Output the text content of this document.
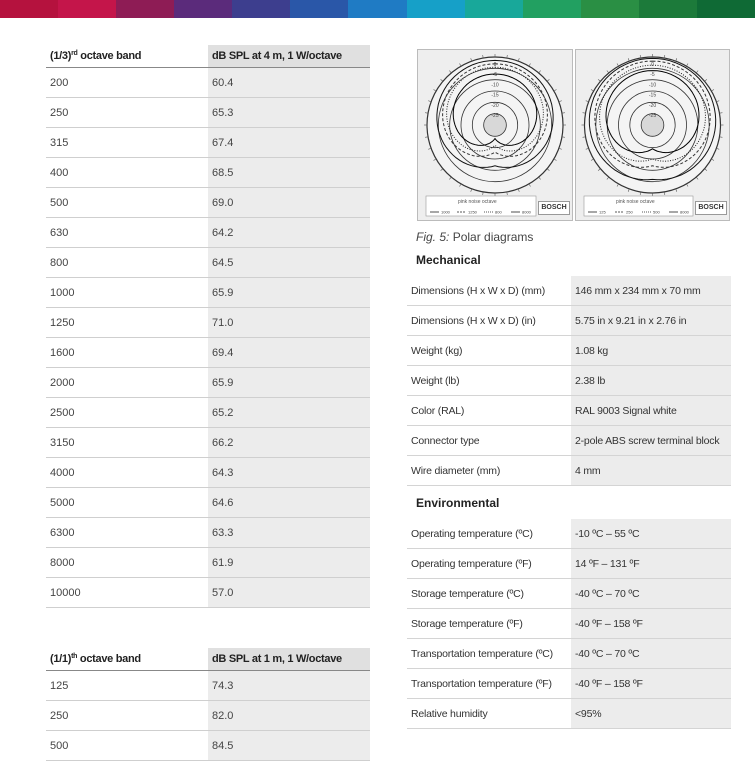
$(1/3)^{rd}$ octave band	dB SPL at 4 m, 1 W/octave
200	60.4
250	65.3
315	67.4
400	68.5
500	69.0
630	64.2
800	64.5
1000	65.9
1250	71.0
1600	69.4
2000	65.9
2500	65.2
3150	66.2
4000	64.3
5000	64.6
6300	63.3
8000	61.9
10000	57.0
$(1/1)^{th}$ octave band	dB SPL at 1 m, 1 W/octave
125	74.3
250	82.0
500	84.5
0
-5
-10
-15
-20
-25
1000	1250	800	8000
pink noise octave
BOSCH
0
-5
-10
-15
-20
-25
125	250	500	8000
pink noise octave
BOSCH
Fig. 5: Polar diagrams
Mechanical
Dimensions (H x W x D) (mm)	146 mm x 234 mm x 70 mm
Dimensions (H x W x D) (in)	5.75 in x 9.21 in x 2.76 in
Weight (kg)	1.08 kg
Weight (lb)	2.38 lb
Color (RAL)	RAL 9003 Signal white
Connector type	2-pole ABS screw terminal block
Wire diameter (mm)	4 mm
Environmental
Operating temperature (ºC)	-10 ºC – 55 ºC
Operating temperature (ºF)	14 ºF – 131 ºF
Storage temperature (ºC)	-40 ºC – 70 ºC
Storage temperature (ºF)	-40 ºF – 158 ºF
Transportation temperature (ºC)	-40 ºC – 70 ºC
Transportation temperature (ºF)	-40 ºF – 158 ºF
Relative humidity	<95%
